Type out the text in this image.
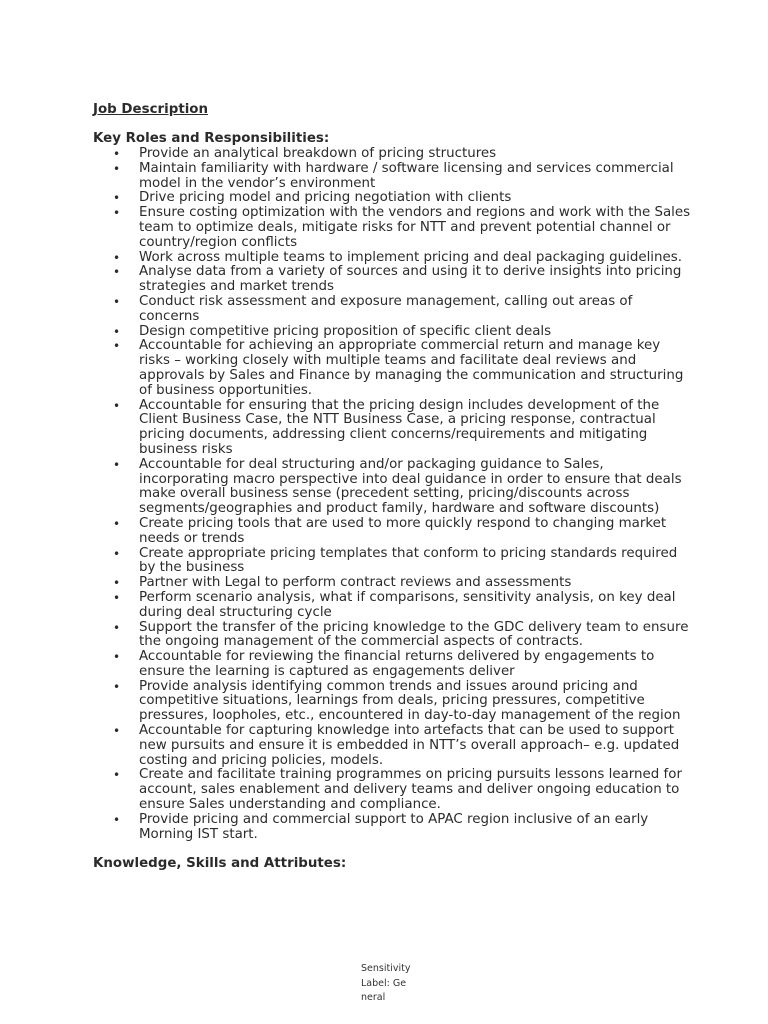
Job Description

Key Roles and Responsibilities:

• Provide an analytical breakdown of pricing structures
• Maintain familiarity with hardware / software licensing and services commercial model in the vendor’s environment
• Drive pricing model and pricing negotiation with clients
• Ensure costing optimization with the vendors and regions and work with the Sales team to optimize deals, mitigate risks for NTT and prevent potential channel or country/region conflicts
• Work across multiple teams to implement pricing and deal packaging guidelines.
• Analyse data from a variety of sources and using it to derive insights into pricing strategies and market trends
• Conduct risk assessment and exposure management, calling out areas of concerns
• Design competitive pricing proposition of specific client deals
• Accountable for achieving an appropriate commercial return and manage key risks – working closely with multiple teams and facilitate deal reviews and approvals by Sales and Finance by managing the communication and structuring of business opportunities.
• Accountable for ensuring that the pricing design includes development of the Client Business Case, the NTT Business Case, a pricing response, contractual pricing documents, addressing client concerns/requirements and mitigating business risks
• Accountable for deal structuring and/or packaging guidance to Sales, incorporating macro perspective into deal guidance in order to ensure that deals make overall business sense (precedent setting, pricing/discounts across segments/geographies and product family, hardware and software discounts)
• Create pricing tools that are used to more quickly respond to changing market needs or trends
• Create appropriate pricing templates that conform to pricing standards required by the business
• Partner with Legal to perform contract reviews and assessments
• Perform scenario analysis, what if comparisons, sensitivity analysis, on key deal during deal structuring cycle
• Support the transfer of the pricing knowledge to the GDC delivery team to ensure the ongoing management of the commercial aspects of contracts.
• Accountable for reviewing the financial returns delivered by engagements to ensure the learning is captured as engagements deliver
• Provide analysis identifying common trends and issues around pricing and competitive situations, learnings from deals, pricing pressures, competitive pressures, loopholes, etc., encountered in day-to-day management of the region
• Accountable for capturing knowledge into artefacts that can be used to support new pursuits and ensure it is embedded in NTT’s overall approach– e.g. updated costing and pricing policies, models.
• Create and facilitate training programmes on pricing pursuits lessons learned for account, sales enablement and delivery teams and deliver ongoing education to ensure Sales understanding and compliance.
• Provide pricing and commercial support to APAC region inclusive of an early Morning IST start.

Knowledge, Skills and Attributes:

Sensitivity Label: General
